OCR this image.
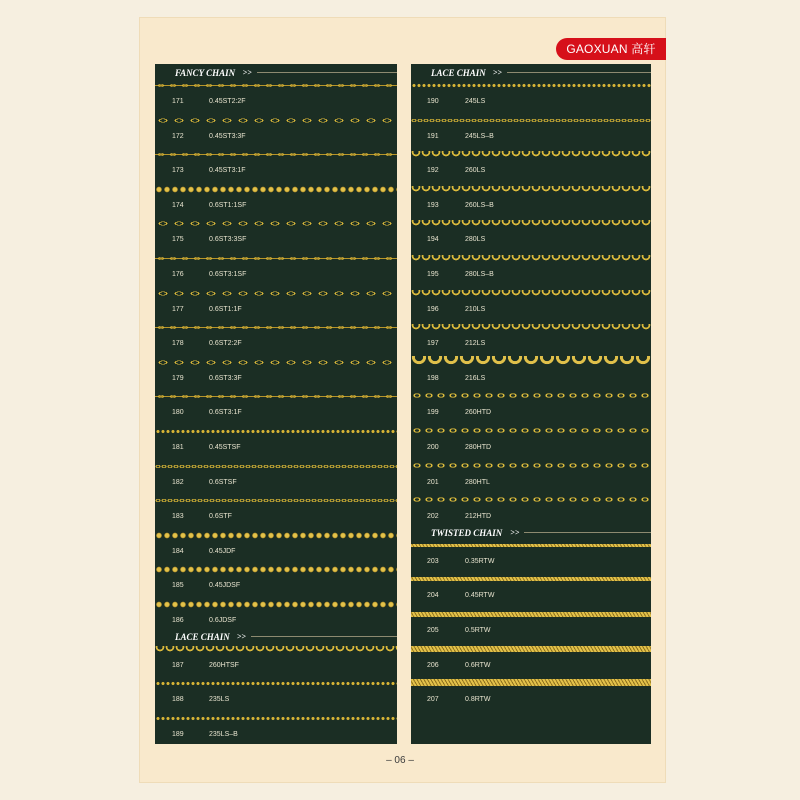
GAOXUAN 高轩
FANCY CHAIN >>
171	0.45ST2:2F
172	0.45ST3:3F
173	0.45ST3:1F
174	0.6ST1:1SF
175	0.6ST3:3SF
176	0.6ST3:1SF
177	0.6ST1:1F
178	0.6ST2:2F
179	0.6ST3:3F
180	0.6ST3:1F
181	0.45STSF
182	0.6STSF
183	0.6STF
184	0.45JDF
185	0.45JDSF
186	0.6JDSF
LACE CHAIN >>
187	260HTSF
188	235LS
189	235LS–B
LACE CHAIN >>
190	245LS
191	245LS–B
192	260LS
193	260LS–B
194	280LS
195	280LS–B
196	210LS
197	212LS
198	216LS
199	260HTD
200	280HTD
201	280HTL
202	212HTD
TWISTED CHAIN >>
203	0.35RTW
204	0.45RTW
205	0.5RTW
206	0.6RTW
207	0.8RTW
– 06 –
